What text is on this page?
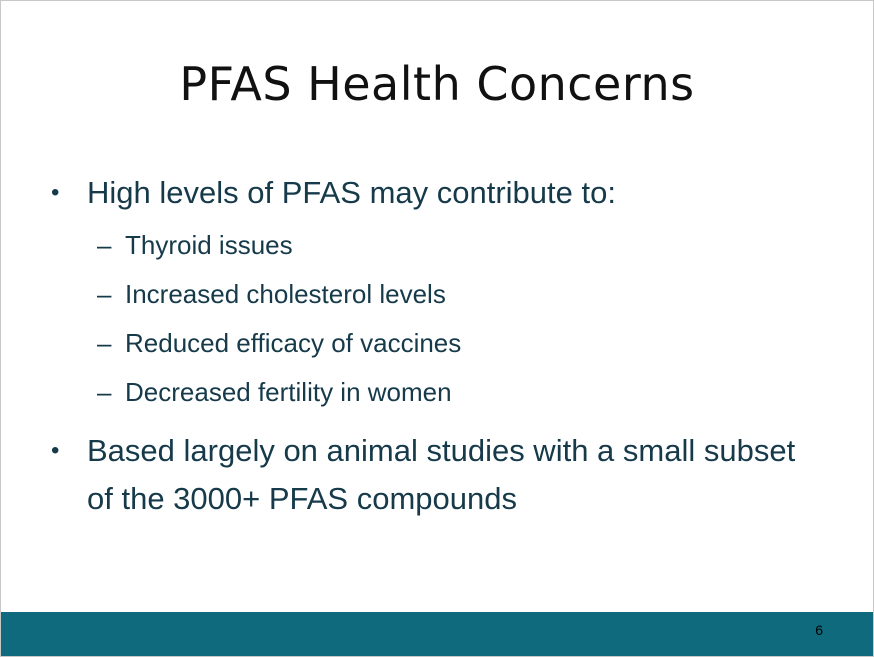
PFAS Health Concerns
• High levels of PFAS may contribute to:
– Thyroid issues
– Increased cholesterol levels
– Reduced efficacy of vaccines
– Decreased fertility in women
• Based largely on animal studies with a small subset of the 3000+ PFAS compounds
6
